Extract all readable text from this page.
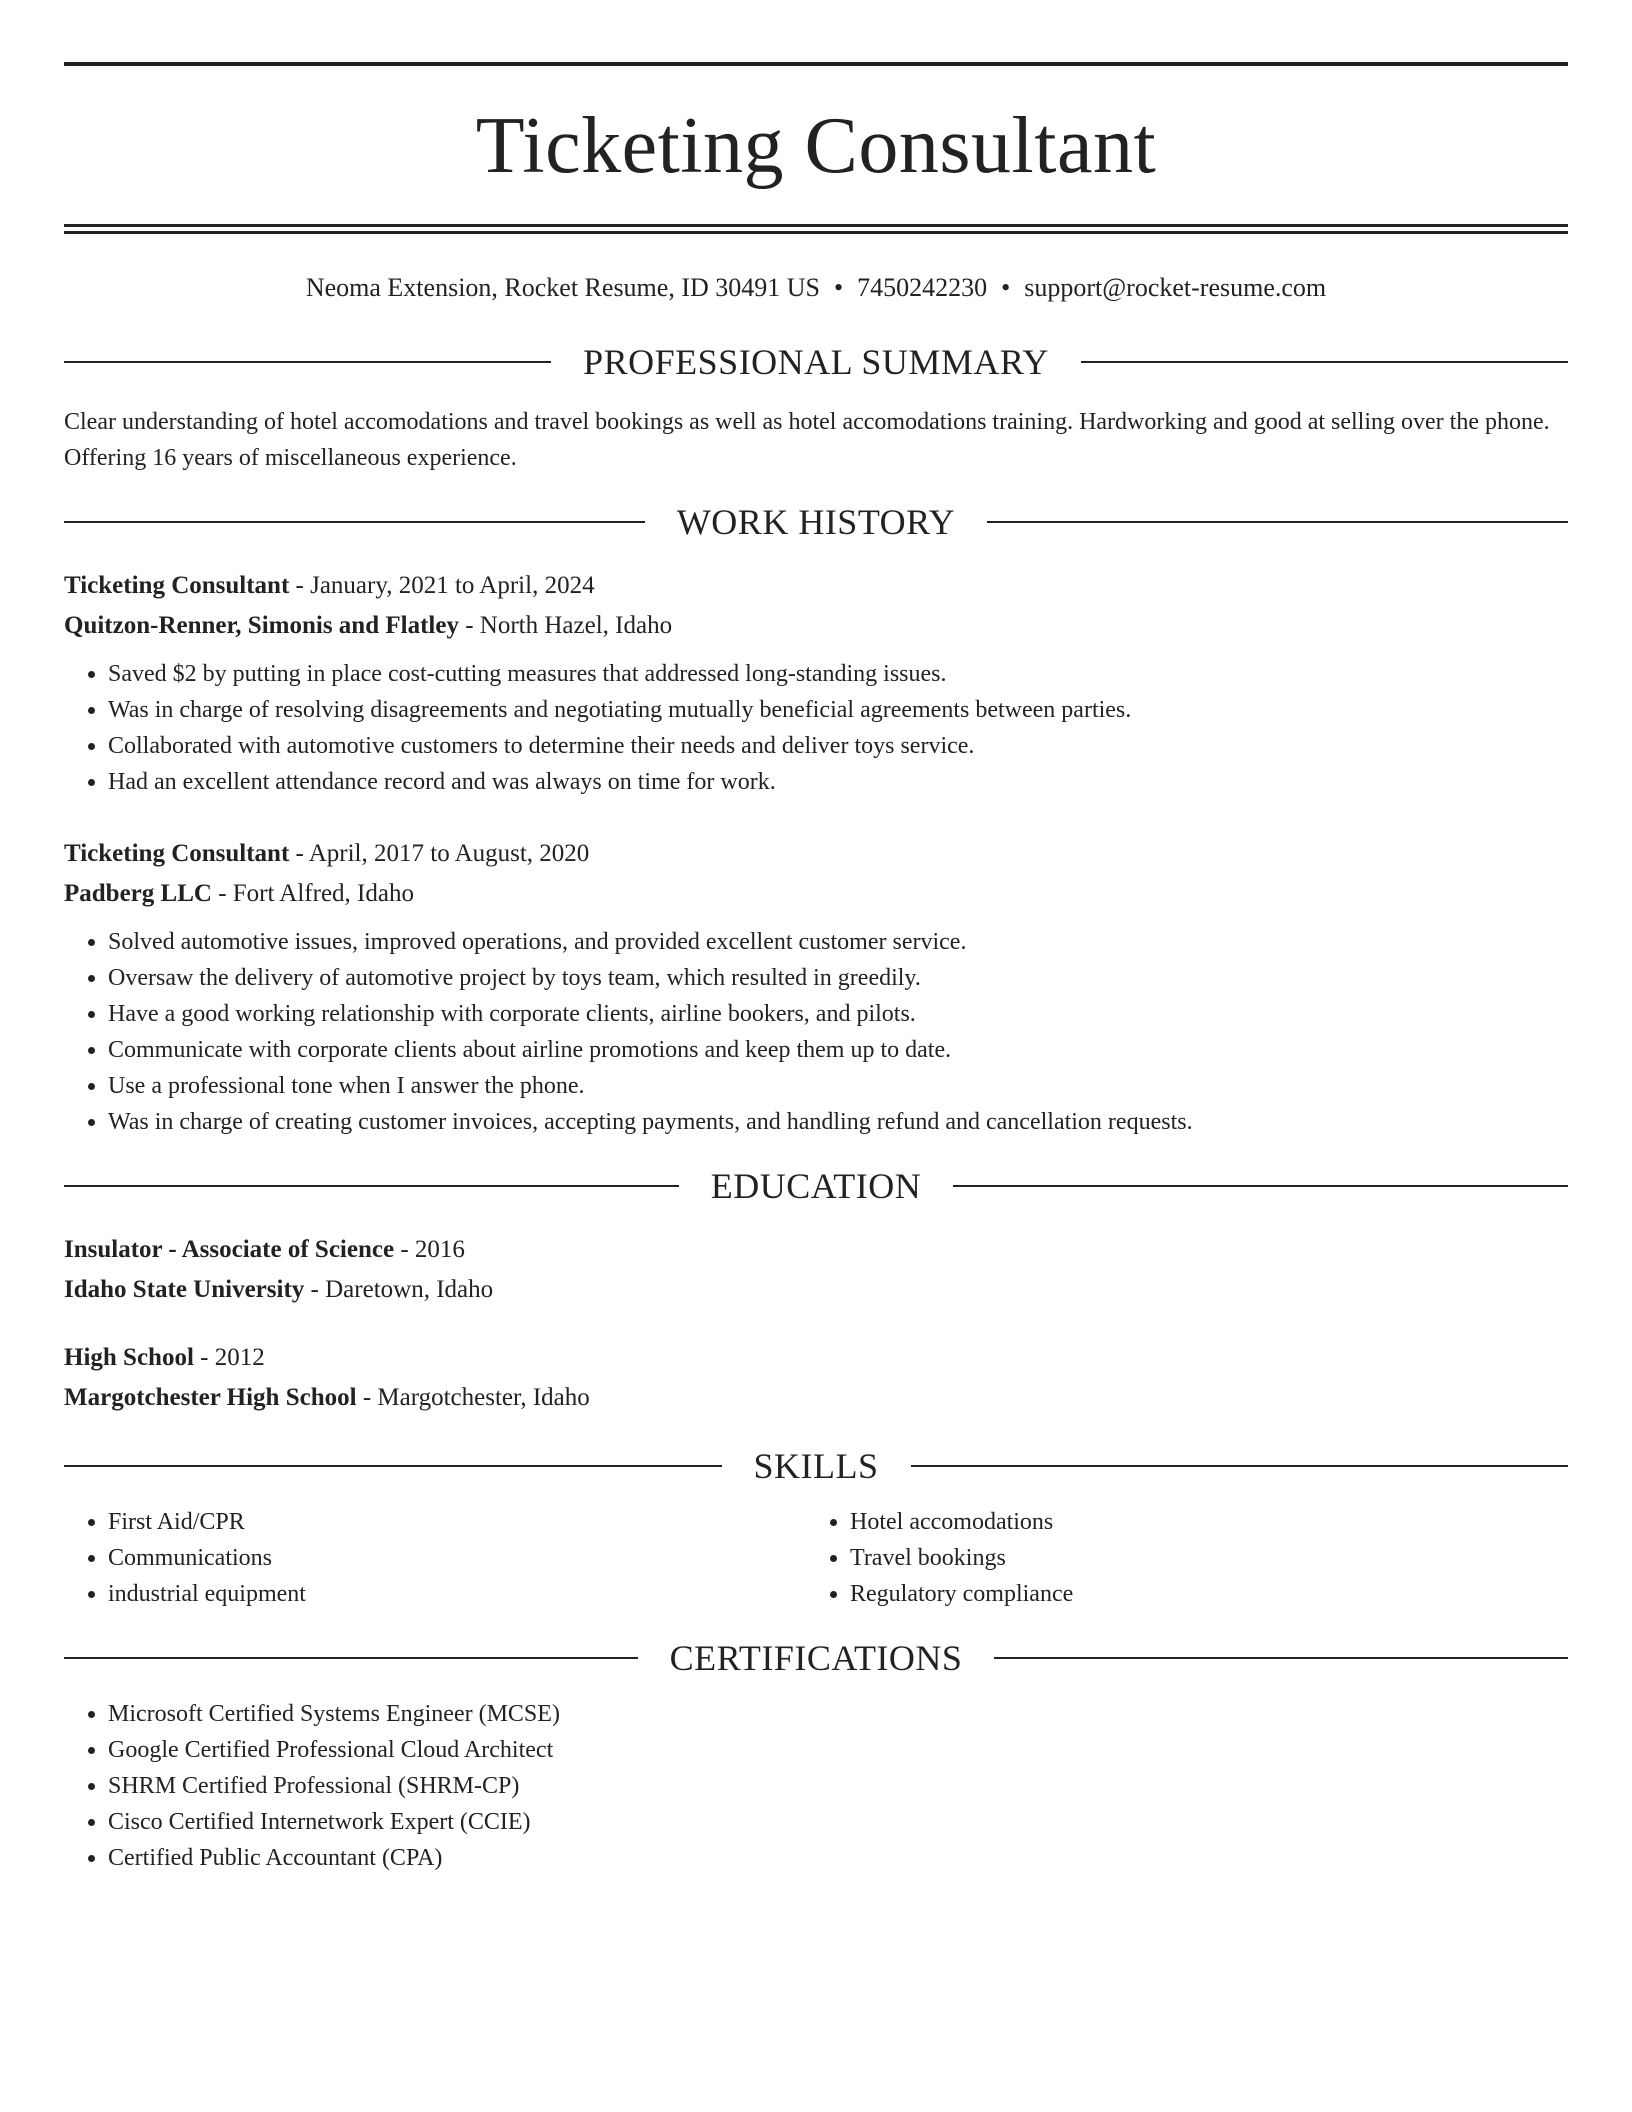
Ticketing Consultant
Neoma Extension, Rocket Resume, ID 30491 US • 7450242230 • support@rocket-resume.com
PROFESSIONAL SUMMARY

Clear understanding of hotel accomodations and travel bookings as well as hotel accomodations training. Hardworking and good at selling over the phone. Offering 16 years of miscellaneous experience.

WORK HISTORY
Ticketing Consultant - January, 2021 to April, 2024
Quitzon-Renner, Simonis and Flatley - North Hazel, Idaho
• Saved $2 by putting in place cost-cutting measures that addressed long-standing issues.
• Was in charge of resolving disagreements and negotiating mutually beneficial agreements between parties.
• Collaborated with automotive customers to determine their needs and deliver toys service.
• Had an excellent attendance record and was always on time for work.
Ticketing Consultant - April, 2017 to August, 2020
Padberg LLC - Fort Alfred, Idaho
• Solved automotive issues, improved operations, and provided excellent customer service.
• Oversaw the delivery of automotive project by toys team, which resulted in greedily.
• Have a good working relationship with corporate clients, airline bookers, and pilots.
• Communicate with corporate clients about airline promotions and keep them up to date.
• Use a professional tone when I answer the phone.
• Was in charge of creating customer invoices, accepting payments, and handling refund and cancellation requests.
EDUCATION
Insulator - Associate of Science - 2016
Idaho State University - Daretown, Idaho
High School - 2012
Margotchester High School - Margotchester, Idaho
SKILLS
• First Aid/CPR
• Communications
• industrial equipment
• Hotel accomodations
• Travel bookings
• Regulatory compliance
CERTIFICATIONS
• Microsoft Certified Systems Engineer (MCSE)
• Google Certified Professional Cloud Architect
• SHRM Certified Professional (SHRM-CP)
• Cisco Certified Internetwork Expert (CCIE)
• Certified Public Accountant (CPA)
